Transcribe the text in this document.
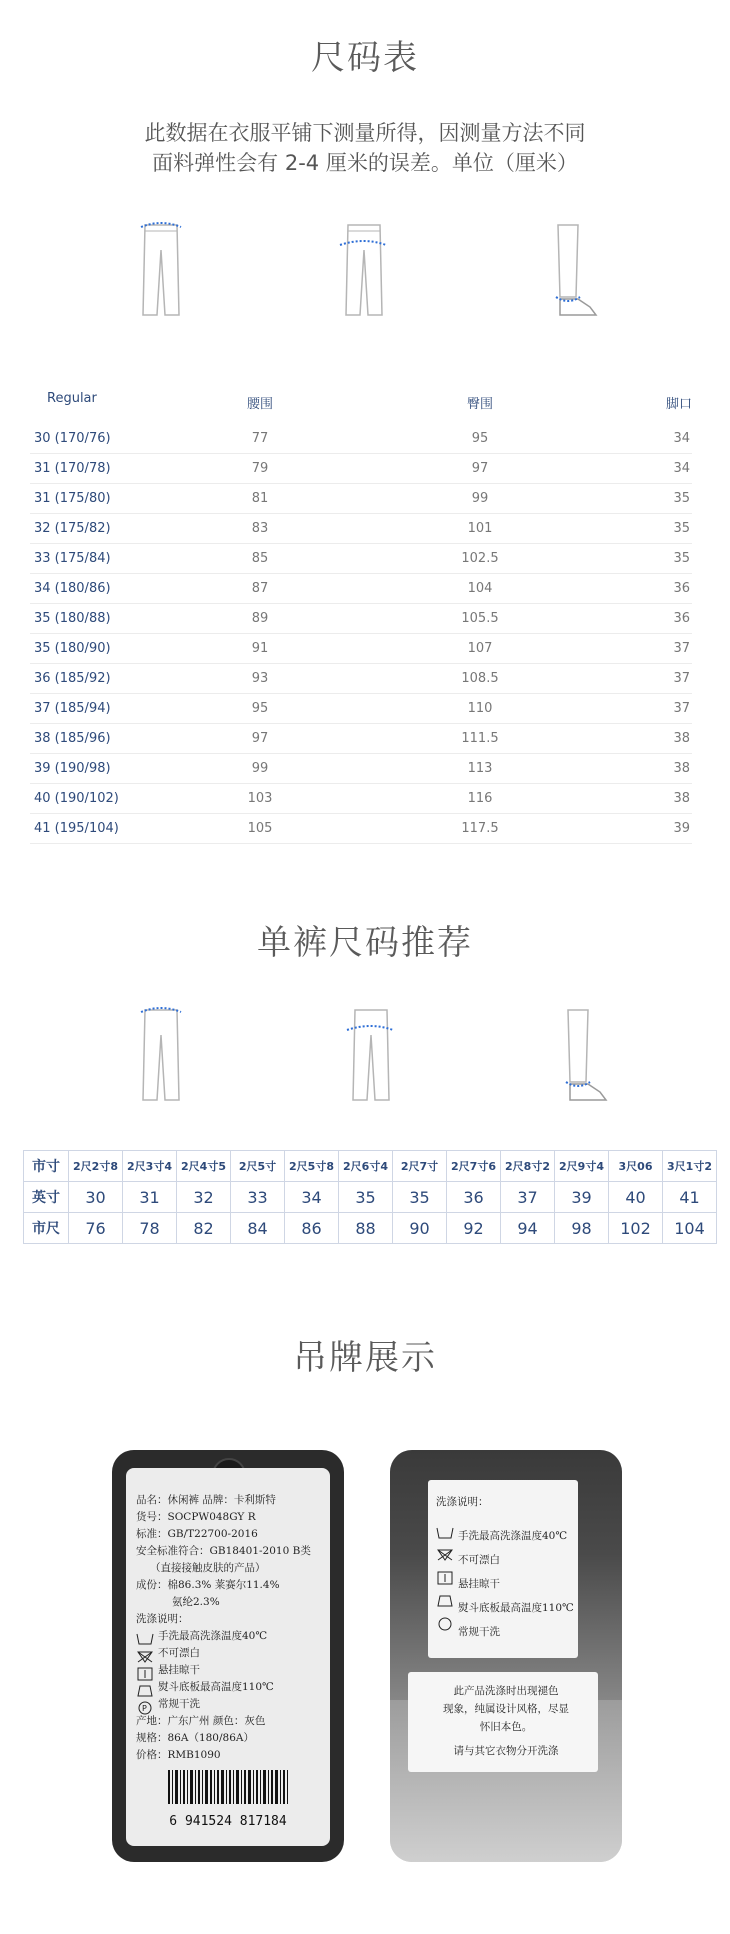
尺码表
此数据在衣服平铺下测量所得，因测量方法不同
面料弹性会有 2-4 厘米的误差。单位（厘米）
Regular	腰围	臀围	脚口
30 (170/76)	77	95	34
31 (170/78)	79	97	34
31 (175/80)	81	99	35
32 (175/82)	83	101	35
33 (175/84)	85	102.5	35
34 (180/86)	87	104	36
35 (180/88)	89	105.5	36
35 (180/90)	91	107	37
36 (185/92)	93	108.5	37
37 (185/94)	95	110	37
38 (185/96)	97	111.5	38
39 (190/98)	99	113	38
40 (190/102)	103	116	38
41 (195/104)	105	117.5	39
单裤尺码推荐
市寸	2尺2寸8	2尺3寸4	2尺4寸5	2尺5寸	2尺5寸8	2尺6寸4	2尺7寸	2尺7寸6	2尺8寸2	2尺9寸4	3尺06	3尺1寸2
英寸	30	31	32	33	34	35	35	36	37	39	40	41
市尺	76	78	82	84	86	88	90	92	94	98	102	104
吊牌展示
品名：休闲裤 品牌：卡利斯特
货号：SOCPW048GY R
标准：GB/T22700-2016
安全标准符合：GB18401-2010 B类
（直接接触皮肤的产品）
成份：棉86.3% 莱赛尔11.4%
氨纶2.3%
洗涤说明：
手洗最高洗涤温度40℃
不可漂白
悬挂晾干
熨斗底板最高温度110℃
常规干洗
产地：广东广州 颜色：灰色
规格：86A（180/86A）
价格：RMB1090
P
6 941524 817184
洗涤说明：
手洗最高洗涤温度40℃
不可漂白
悬挂晾干
熨斗底板最高温度110℃
常规干洗
此产品洗涤时出现褪色
现象，纯属设计风格，尽显
怀旧本色。
请与其它衣物分开洗涤
